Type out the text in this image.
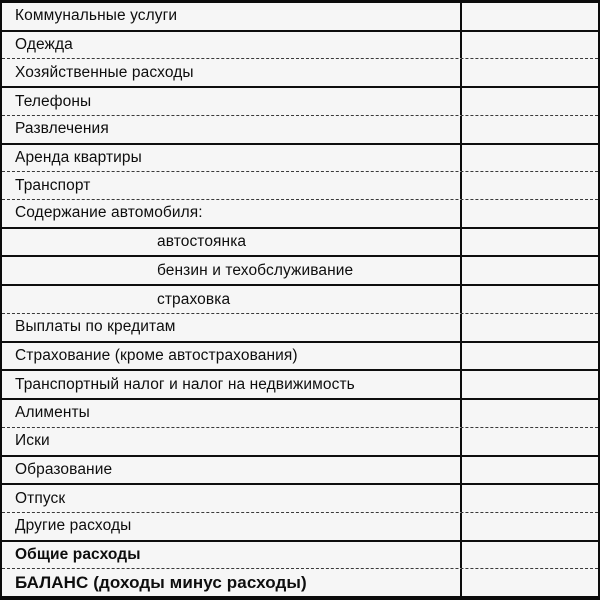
Коммунальные услуги
Одежда
Хозяйственные расходы
Телефоны
Развлечения
Аренда квартиры
Транспорт
Содержание автомобиля:
автостоянка
бензин и техобслуживание
страховка
Выплаты по кредитам
Страхование (кроме автострахования)
Транспортный налог и налог на недвижимость
Алименты
Иски
Образование
Отпуск
Другие расходы
Общие расходы
БАЛАНС (доходы минус расходы)
